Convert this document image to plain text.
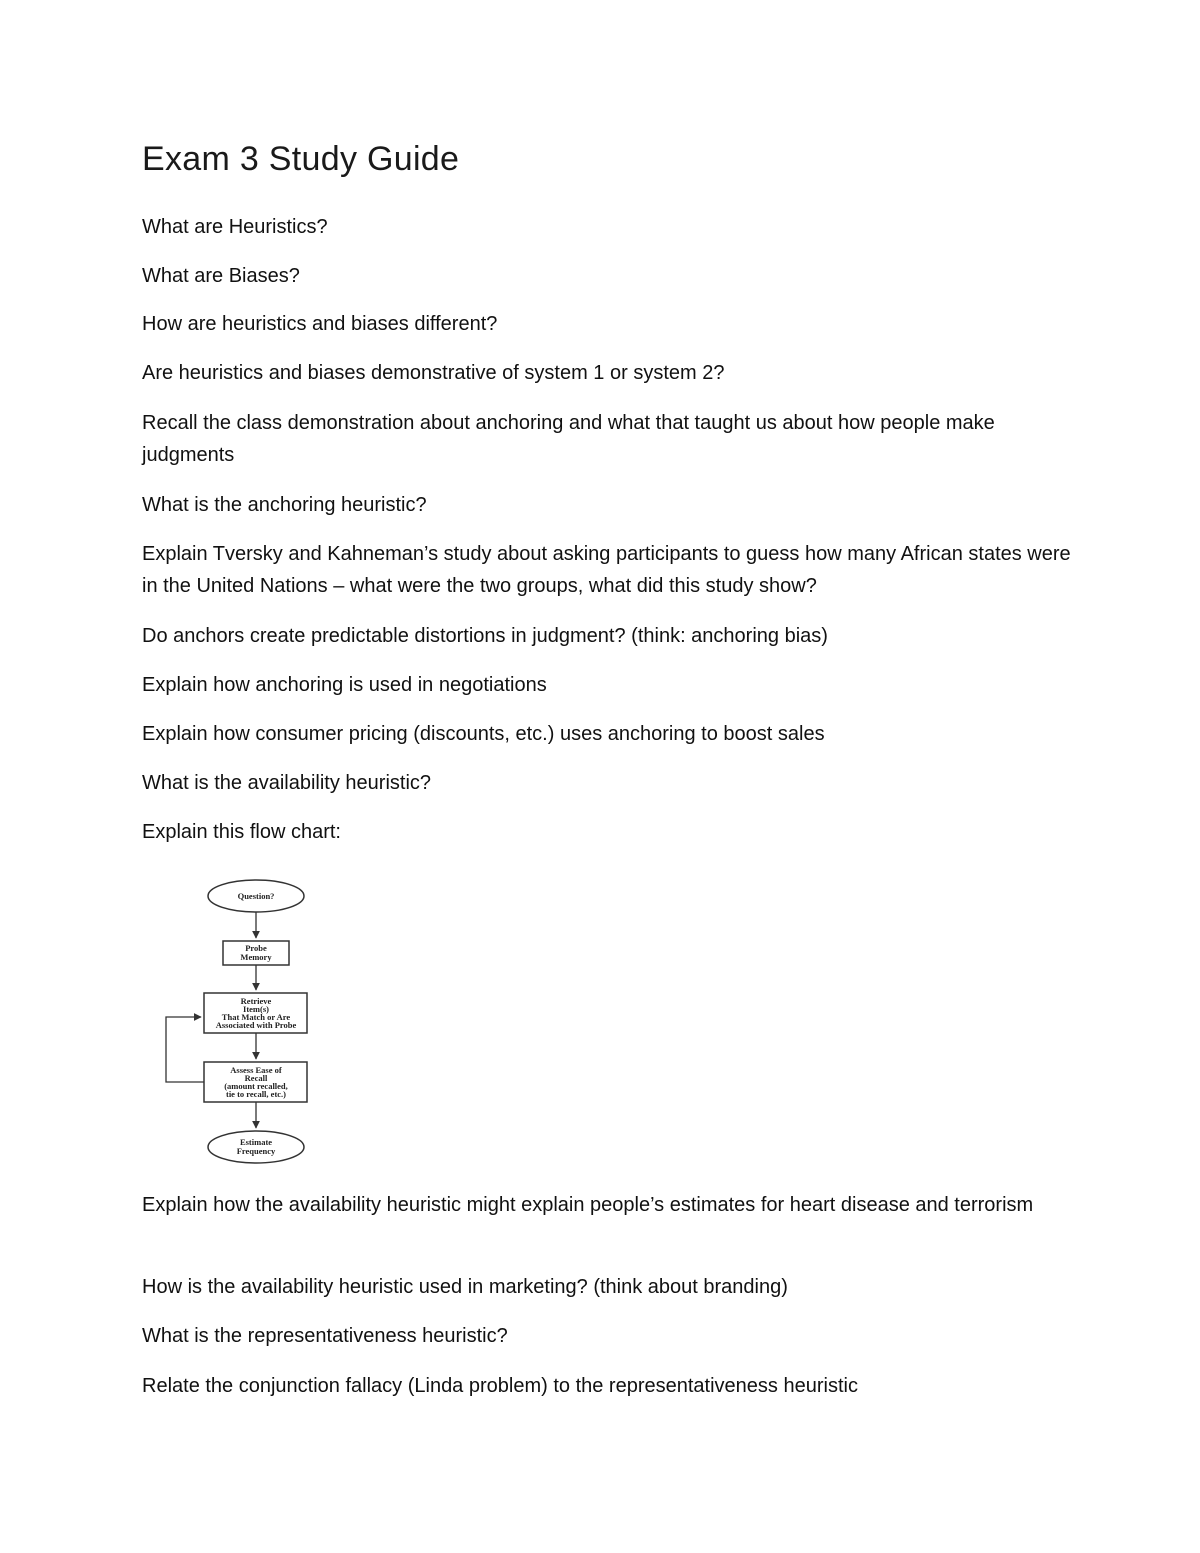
Exam 3 Study Guide
What are Heuristics?
What are Biases?
How are heuristics and biases different?
Are heuristics and biases demonstrative of system 1 or system 2?
Recall the class demonstration about anchoring and what that taught us about how people make judgments
What is the anchoring heuristic?
Explain Tversky and Kahneman’s study about asking participants to guess how many African states were in the United Nations – what were the two groups, what did this study show?
Do anchors create predictable distortions in judgment? (think: anchoring bias)
Explain how anchoring is used in negotiations
Explain how consumer pricing (discounts, etc.) uses anchoring to boost sales
What is the availability heuristic?
Explain this flow chart:
Question?
Probe
Memory
Retrieve
Item(s)
That Match or Are
Associated with Probe
Assess Ease of
Recall
(amount recalled,
tie to recall, etc.)
Estimate
Frequency
Explain how the availability heuristic might explain people’s estimates for heart disease and terrorism
How is the availability heuristic used in marketing? (think about branding)
What is the representativeness heuristic?
Relate the conjunction fallacy (Linda problem) to the representativeness heuristic
